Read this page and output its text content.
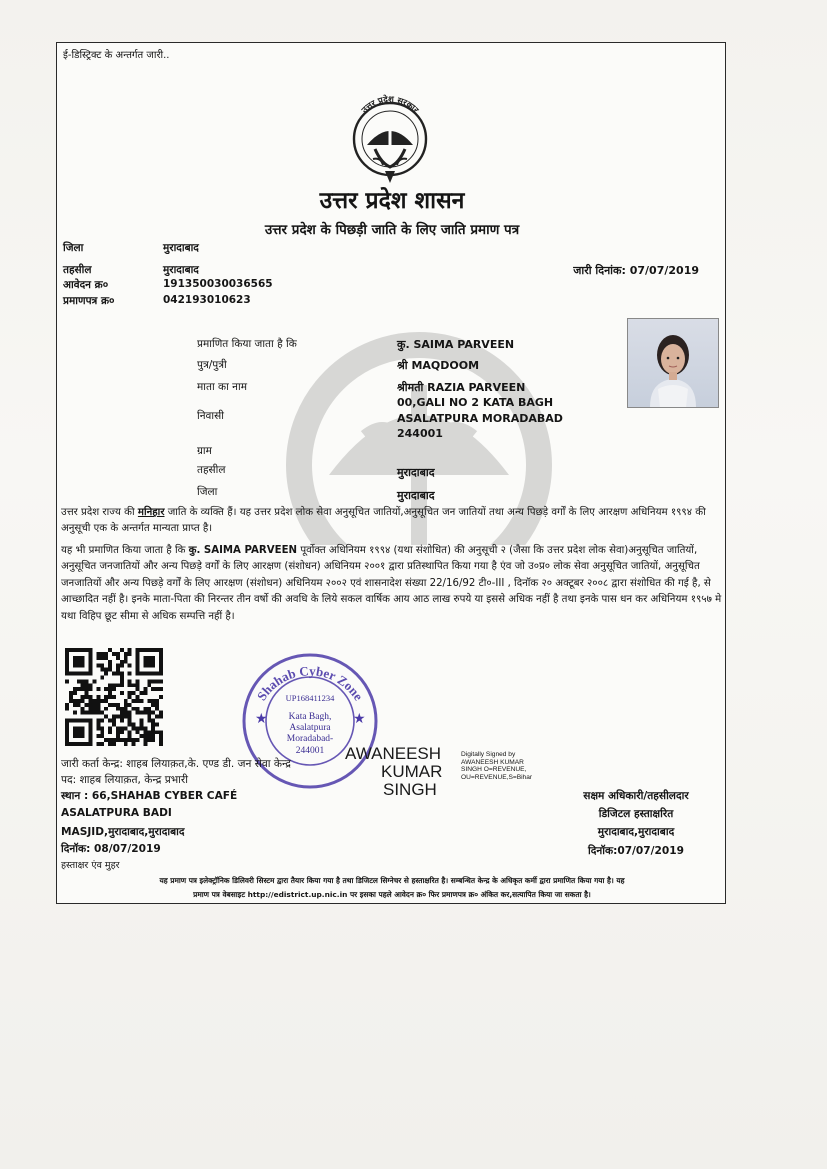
ई-डिस्ट्रिक्ट के अन्तर्गत जारी..
उत्तर प्रदेश सरकार
उत्तर प्रदेश शासन
उत्तर प्रदेश के पिछड़ी जाति के लिए जाति प्रमाण पत्र
जिला	मुरादाबाद
तहसील	मुरादाबाद
आवेदन क्र०	191350030036565
प्रमाणपत्र क्र०	042193010623
जारी दिनांक: 07/07/2019
प्रमाणित किया जाता है कि	कु. SAIMA PARVEEN
पुत्र/पुत्री	श्री MAQDOOM
माता का नाम	श्रीमती RAZIA PARVEEN
निवासी
00,GALI NO 2 KATA BAGH
ASALATPURA MORADABAD
244001
ग्राम
तहसील	मुरादाबाद
जिला	मुरादाबाद
उत्तर प्रदेश राज्य की मनिहार जाति के व्यक्ति हैं। यह उत्तर प्रदेश लोक सेवा अनुसूचित जातियों,अनुसूचित जन जातियों तथा अन्य पिछड़े वर्गों के लिए आरक्षण अधिनियम १९९४ की अनुसूची एक के अन्तर्गत मान्यता प्राप्त है।
यह भी प्रमाणित किया जाता है कि कु. SAIMA PARVEEN पूर्वोक्त अधिनियम १९९४ (यथा संशोधित) की अनुसूची २ (जैसा कि उत्तर प्रदेश लोक सेवा)अनुसूचित जातियों, अनुसूचित जनजातियों और अन्य पिछड़े वर्गों के लिए आरक्षण (संशोधन) अधिनियम २००१ द्वारा प्रतिस्थापित किया गया है एंव जो उ०प्र० लोक सेवा अनुसूचित जातियों, अनुसूचित जनजातियों और अन्य पिछड़े वर्गों के लिए आरक्षण (संशोधन) अधिनियम २००२ एवं शासनादेश संख्या 22/16/92 टी०-III , दिनॉक २० अक्टूबर २००८ द्वारा संशोधित की गई है, से आच्छादित नहीं है। इनके माता-पिता की निरन्तर तीन वर्षो की अवधि के लिये सकल वार्षिक आय आठ लाख रुपये या इससे अधिक नहीं है तथा इनके पास धन कर अधिनियम १९५७ मे यथा विहिप छूट सीमा से अधिक सम्पत्ति नहीं है।
Shahab Cyber Zone
UP168411234
Kata Bagh,
Asalatpura
Moradabad-
244001
★	★
जारी कर्ता केन्द्र: शाहब लियाक़त,के. एण्ड डी. जन सेवा केन्द्र
पद: शाहब लियाक़त, केन्द्र प्रभारी
स्थान : 66,SHAHAB CYBER CAFÉ
ASALATPURA BADI
MASJID,मुरादाबाद,मुरादाबाद
दिनॉक: 08/07/2019
हस्ताक्षर एंव मुहर
AWANEESH
KUMAR
SINGH
Digitally Signed by
AWANEESH KUMAR
SINGH O=REVENUE,
OU=REVENUE,S=Bihar
सक्षम अधिकारी/तहसीलदार
डिजिटल हस्ताक्षरित
मुरादाबाद,मुरादाबाद
दिनॉक:07/07/2019
यह प्रमाण पत्र इलेक्ट्रॉनिक डिलिवरी सिस्टम द्वारा तैयार किया गया है तथा डिजिटल सिग्नेचर से हस्ताक्षरित है। सम्बन्धित केन्द्र के अधिकृत कर्मी द्वारा प्रमाणित किया गया है। यह
प्रमाण पत्र वेबसाइट http://edistrict.up.nic.in पर इसका पहले आवेदन क्र० फिर प्रमाणपत्र क्र० अंकित कर,सत्यापित किया जा सकता है।
